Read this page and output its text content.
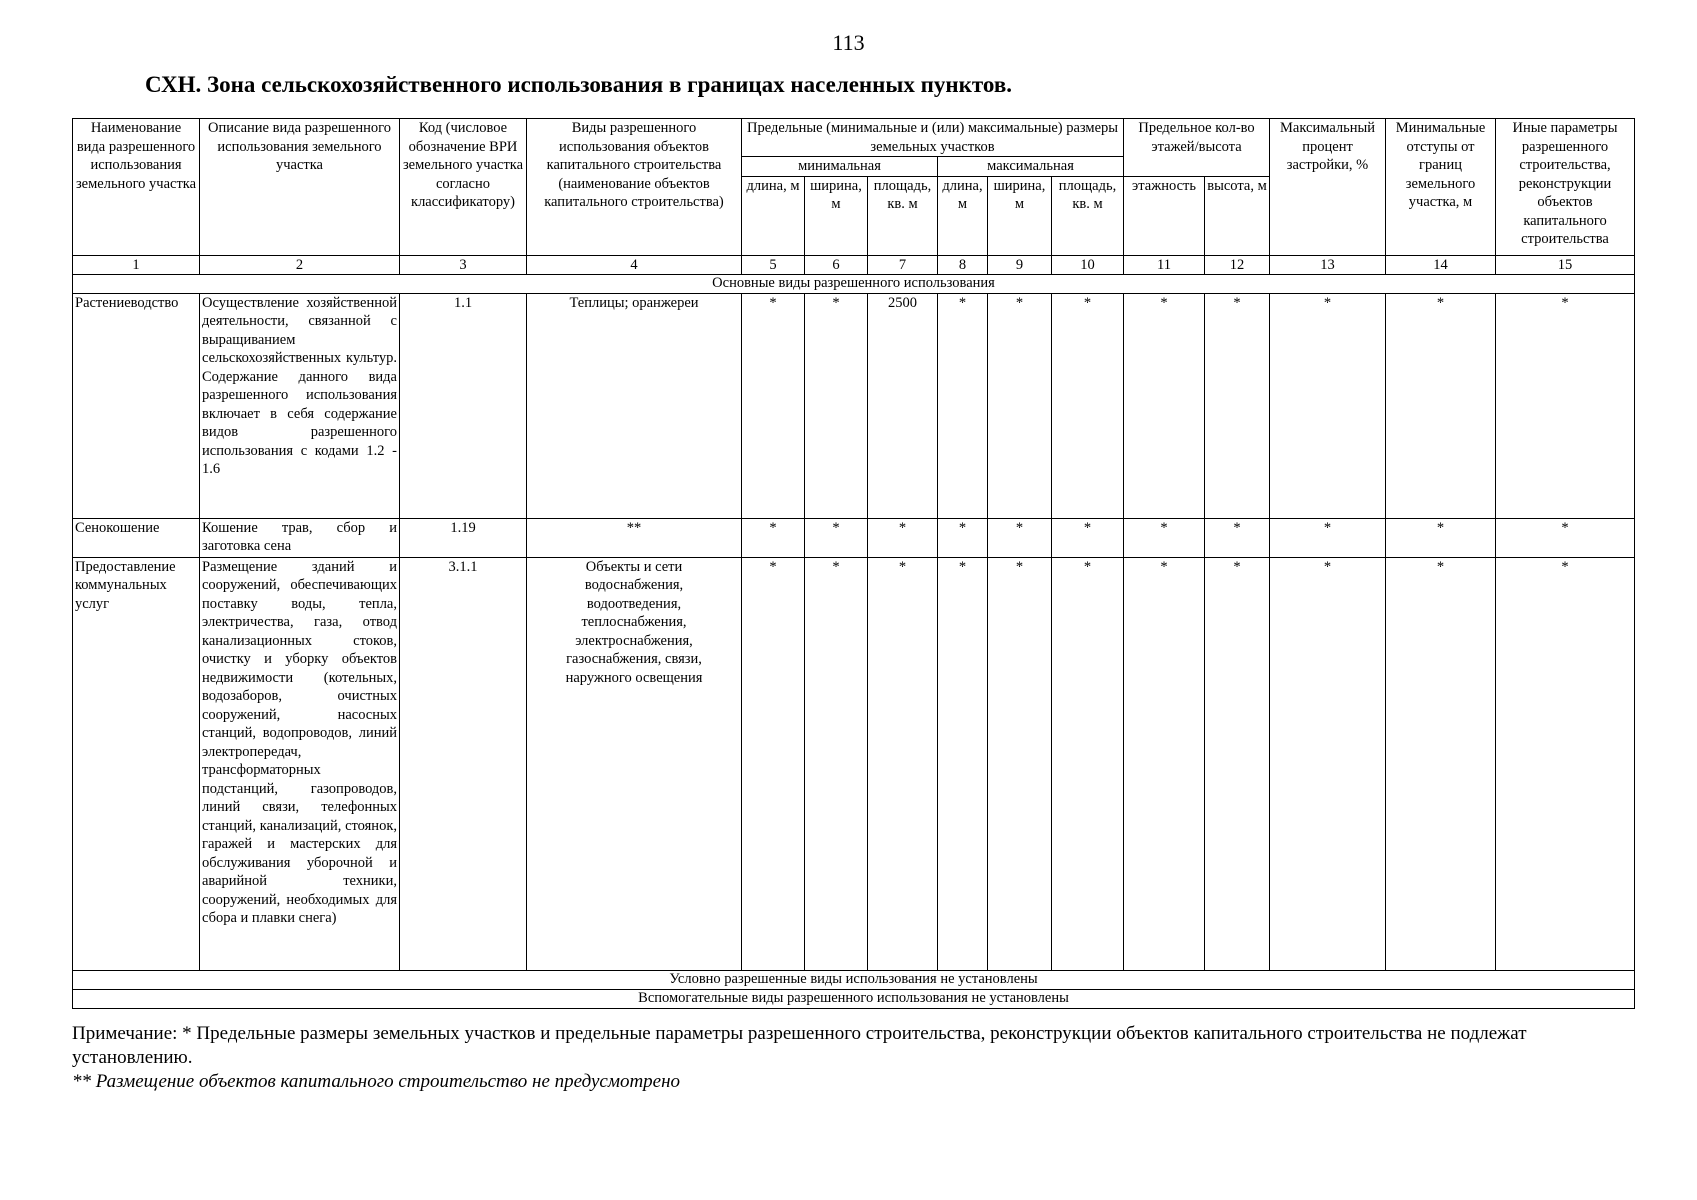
113
СХН. Зона сельскохозяйственного использования в границах населенных пунктов.
Наименование вида разрешенного использования земельного участка	Описание вида разрешенного использования земельного участка	Код (числовое обозначение ВРИ земельного участка согласно классификатору)	Виды разрешенного использования объектов капитального строительства (наименование объектов капитального строительства)	Предельные (минимальные и (или) максимальные) размеры земельных участков						Предельное кол-во этажей/высота		Максимальный процент застройки, %	Минимальные отступы от границ земельного участка, м	Иные параметры разрешенного строительства, реконструкции объектов капитального строительства
				минимальная			максимальная							
				длина, м	ширина, м	площадь, кв. м	длина, м	ширина, м	площадь, кв. м	этажность	высота, м			
1	2	3	4	5	6	7	8	9	10	11	12	13	14	15
Основные виды разрешенного использования														
Растениеводство	Осуществление хозяйственной деятельности, связанной с выращиванием сельскохозяйственных культур. Содержание данного вида разрешенного использования включает в себя содержание видов разрешенного использования с кодами 1.2 - 1.6	1.1	Теплицы; оранжереи	*	*	2500	*	*	*	*	*	*	*	*
Сенокошение	Кошение трав, сбор и заготовка сена	1.19	**	*	*	*	*	*	*	*	*	*	*	*
Предоставление коммунальных услуг	Размещение зданий и сооружений, обеспечивающих поставку воды, тепла, электричества, газа, отвод канализационных стоков, очистку и уборку объектов недвижимости (котельных, водозаборов, очистных сооружений, насосных станций, водопроводов, линий электропередач, трансформаторных подстанций, газопроводов, линий связи, телефонных станций, канализаций, стоянок, гаражей и мастерских для обслуживания уборочной и аварийной техники, сооружений, необходимых для сбора и плавки снега)	3.1.1	Объекты и сети водоснабжения, водоотведения, теплоснабжения, электроснабжения, газоснабжения, связи, наружного освещения	*	*	*	*	*	*	*	*	*	*	*
Условно разрешенные виды использования не установлены														
Вспомогательные виды разрешенного использования не установлены														
Примечание: * Предельные размеры земельных участков и предельные параметры разрешенного строительства, реконструкции объектов капитального строительства не подлежат установлению.
** Размещение объектов капитального строительство не предусмотрено
